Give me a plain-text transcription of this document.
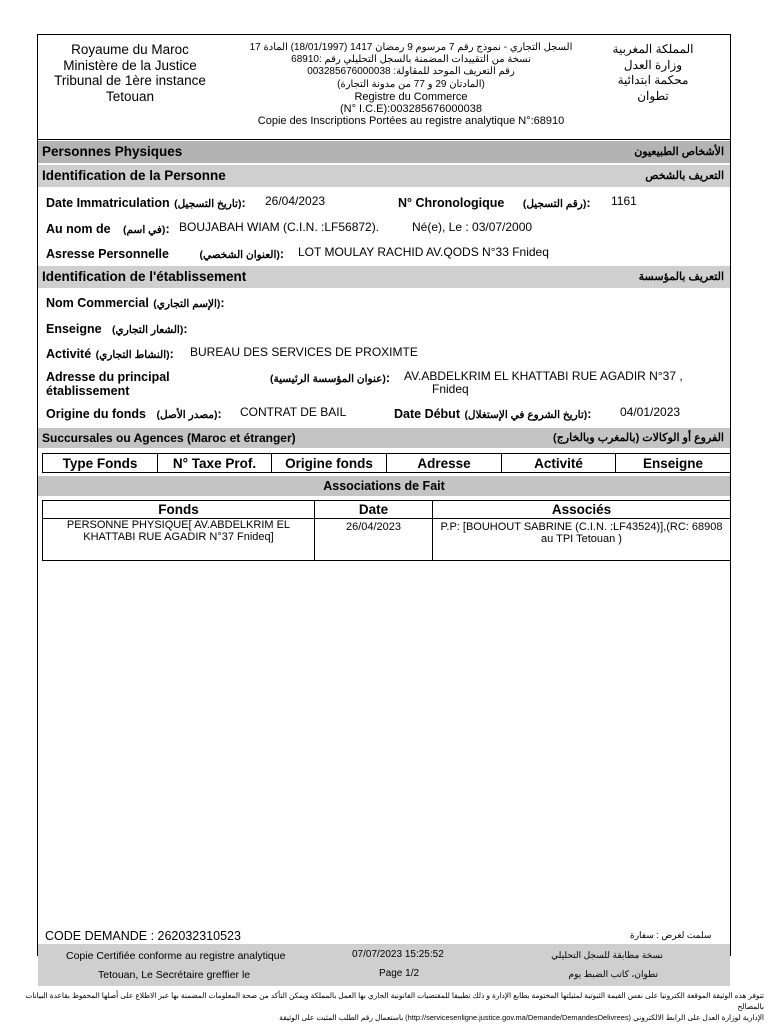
Royaume du Maroc
Ministère de la Justice
Tribunal de 1ère instance
Tetouan
السجل التجاري - نموذج رقم 7 مرسوم 9 رمضان 1417 (18/01/1997) المادة 17
نسخة من التقييدات المضمنة بالسجل التحليلي رقم :68910
رقم التعريف الموحد للمقاولة: 003285676000038
(المادتان 29 و 77 من مدونة التجارة)
Registre du Commerce
(N° I.C.E):003285676000038
Copie des Inscriptions Portées au registre analytique N°:68910
المملكة المغربية
وزارة العدل
محكمة ابتدائية
تطوان
Personnes Physiques	الأشخاص الطبيعيون
Identification de la Personne	التعريف بالشخص
Date Immatriculation (تاريخ التسجيل): 26/04/2023	N° Chronologique (رقم التسجيل): 1161
Au nom de (في اسم): BOUJABAH WIAM (C.I.N. :LF56872).	Né(e), Le : 03/07/2000
Asresse Personnelle	(العنوان الشخصي): LOT MOULAY RACHID AV.QODS N°33 Fnideq
Identification de l'établissement	التعريف بالمؤسسة
Nom Commercial (الإسم التجاري):
Enseigne (الشعار التجاري):
Activité (النشاط التجاري): BUREAU DES SERVICES DE PROXIMTE
Adresse du principal
établissement
(عنوان المؤسسة الرئيسية): AV.ABDELKRIM EL KHATTABI RUE AGADIR N°37 ,
Fnideq
Origine du fonds (مصدر الأصل): CONTRAT DE BAIL	Date Début (تاريخ الشروع في الإستغلال): 04/01/2023
Succursales ou Agences (Maroc et étranger)	الفروع أو الوكالات (بالمغرب وبالخارج)
Type Fonds	N° Taxe Prof.	Origine fonds	Adresse	Activité	Enseigne
Associations de Fait
Fonds	Date	Associés
PERSONNE PHYSIQUE[ AV.ABDELKRIM EL KHATTABI RUE AGADIR N°37 Fnideq]	26/04/2023	P.P: [BOUHOUT SABRINE (C.I.N. :LF43524)],(RC: 68908 au TPI Tetouan )
CODE DEMANDE : 262032310523	سلمت لغرض : سفارة
Copie Certifiée conforme au registre analytique	07/07/2023 15:25:52	نسخة مطابقة للسجل التحليلي
Tetouan, Le Secrétaire greffier le	Page 1/2	تطوان، كاتب الضبط يوم
تتوفر هذه الوثيقة الموقعة الكترونيا على نفس القيمة الثبوتية لمثيلتها المختومة بطابع الإدارة و ذلك تطبيقا للمقتضيات القانونية الجاري بها العمل بالمملكة ويمكن التأكد من صحة المعلومات المضمنة بها عبر الاطلاع على أصلها المحفوظ بقاعدة البيانات بالمصالح
الإدارية لوزارة العدل على الرابط الالكتروني (http://servicesenligne.justice.gov.ma/Demande/DemandesDelivrees) باستعمال رقم الطلب المثبت على الوثيقة
